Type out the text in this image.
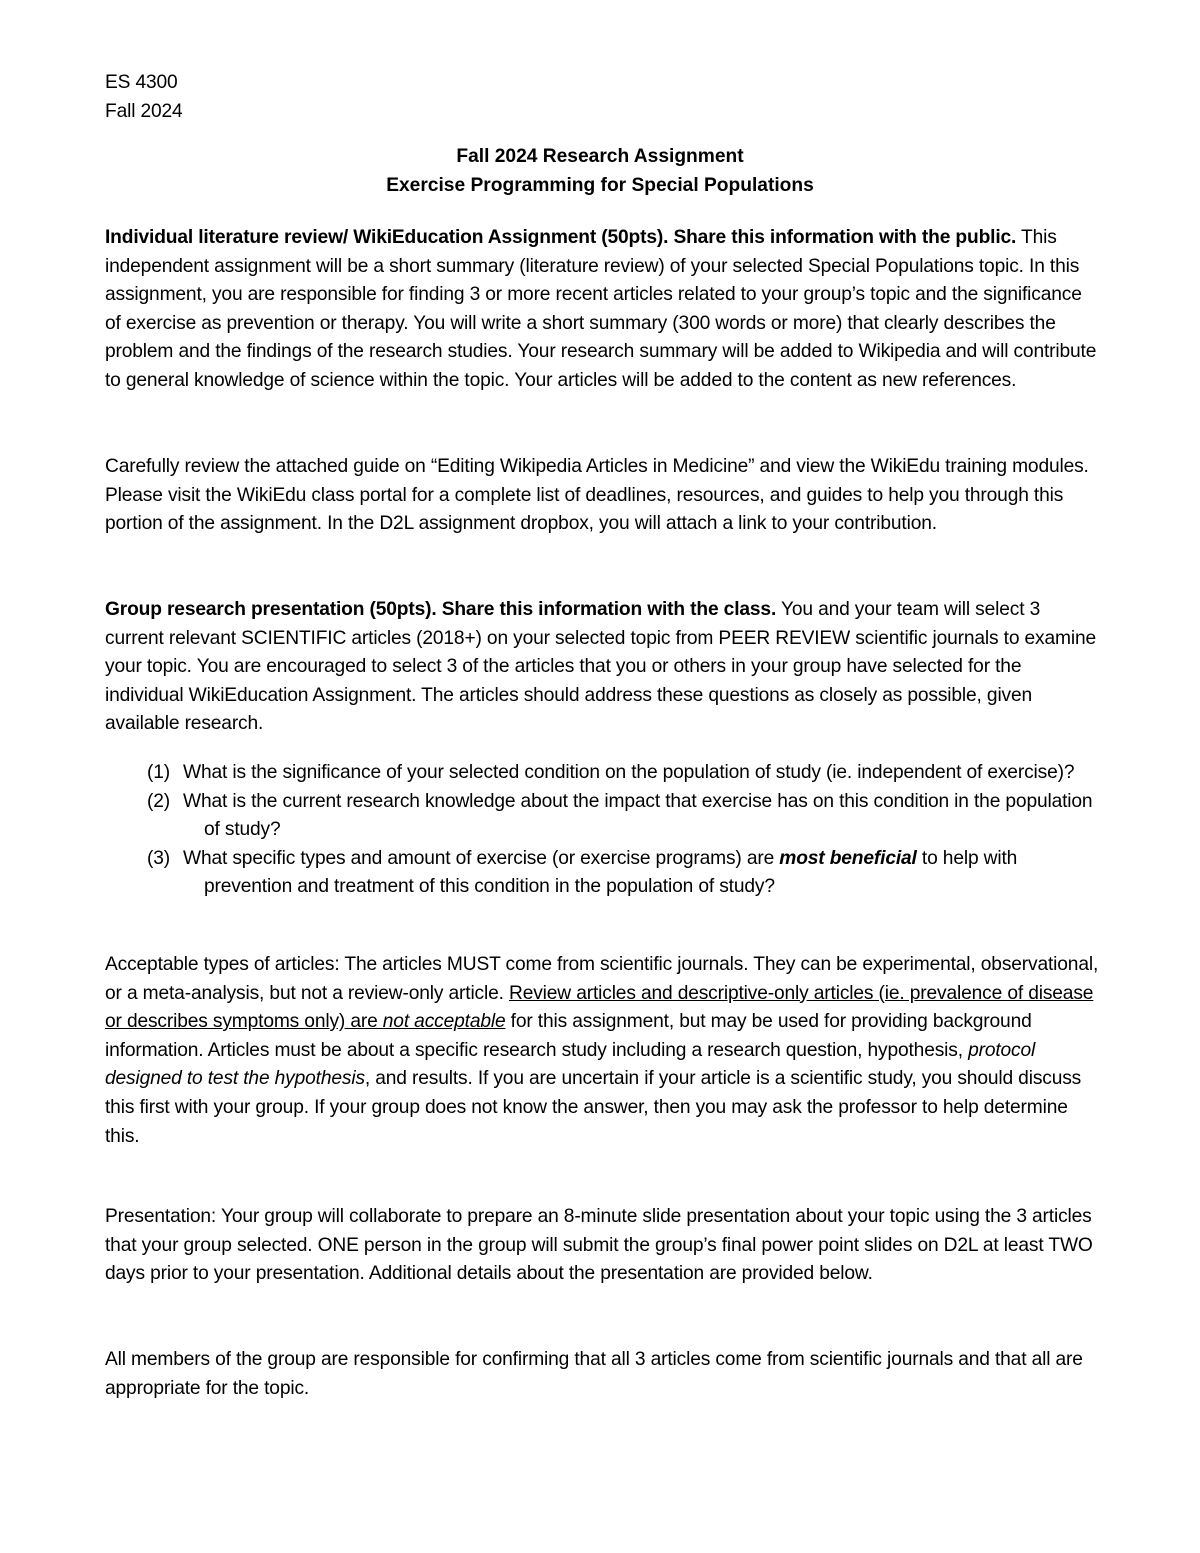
ES 4300
Fall 2024
Fall 2024 Research Assignment
Exercise Programming for Special Populations
Individual literature review/ WikiEducation Assignment (50pts). Share this information with the public. This independent assignment will be a short summary (literature review) of your selected Special Populations topic. In this assignment, you are responsible for finding 3 or more recent articles related to your group’s topic and the significance of exercise as prevention or therapy. You will write a short summary (300 words or more) that clearly describes the problem and the findings of the research studies. Your research summary will be added to Wikipedia and will contribute to general knowledge of science within the topic. Your articles will be added to the content as new references.
Carefully review the attached guide on “Editing Wikipedia Articles in Medicine” and view the WikiEdu training modules. Please visit the WikiEdu class portal for a complete list of deadlines, resources, and guides to help you through this portion of the assignment. In the D2L assignment dropbox, you will attach a link to your contribution.
Group research presentation (50pts). Share this information with the class. You and your team will select 3 current relevant SCIENTIFIC articles (2018+) on your selected topic from PEER REVIEW scientific journals to examine your topic. You are encouraged to select 3 of the articles that you or others in your group have selected for the individual WikiEducation Assignment. The articles should address these questions as closely as possible, given available research.
(1) What is the significance of your selected condition on the population of study (ie. independent of exercise)?
(2) What is the current research knowledge about the impact that exercise has on this condition in the population of study?
(3) What specific types and amount of exercise (or exercise programs) are most beneficial to help with prevention and treatment of this condition in the population of study?
Acceptable types of articles: The articles MUST come from scientific journals. They can be experimental, observational, or a meta-analysis, but not a review-only article. Review articles and descriptive-only articles (ie. prevalence of disease or describes symptoms only) are not acceptable for this assignment, but may be used for providing background information. Articles must be about a specific research study including a research question, hypothesis, protocol designed to test the hypothesis, and results. If you are uncertain if your article is a scientific study, you should discuss this first with your group. If your group does not know the answer, then you may ask the professor to help determine this.
Presentation: Your group will collaborate to prepare an 8-minute slide presentation about your topic using the 3 articles that your group selected. ONE person in the group will submit the group’s final power point slides on D2L at least TWO days prior to your presentation. Additional details about the presentation are provided below.
All members of the group are responsible for confirming that all 3 articles come from scientific journals and that all are appropriate for the topic.
